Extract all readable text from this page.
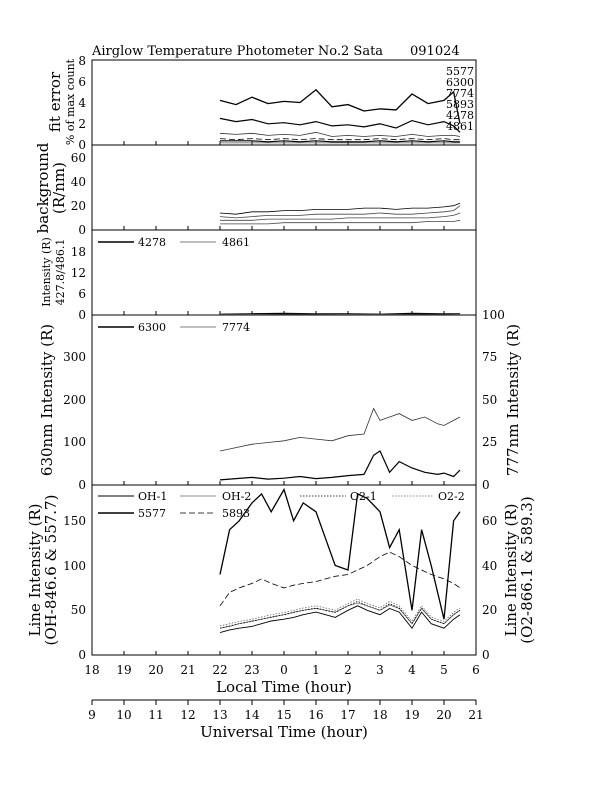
Airglow Temperature Photometer No.2 Sata 091024
fit error % of max count 0
2
4
6
8
5577
6300
7774
5893
4278
4861
background
(R/nm)
0
20
40
60
Intensity (R) 427.8/486.1
0
6
12
18
4278	4861
630nm Intensity (R)	777nm Intensity (R)
0
100
200
300
0
25
50
75
100
6300	7774
Line Intensity (R)
(OH-846.6 & 557.7)	Line Intensity (R)
(O2-866.1 & 589.3)
0
50
100
150
0
20
40
60
OH-1	OH-2	O2-1	O2-2
5577	5893
18 19 20 21 22 23 0 1 2 3 4 5 6
Local Time (hour)
9 10 11 12 13 14 15 16 17 18 19 20 21
Universal Time (hour)
